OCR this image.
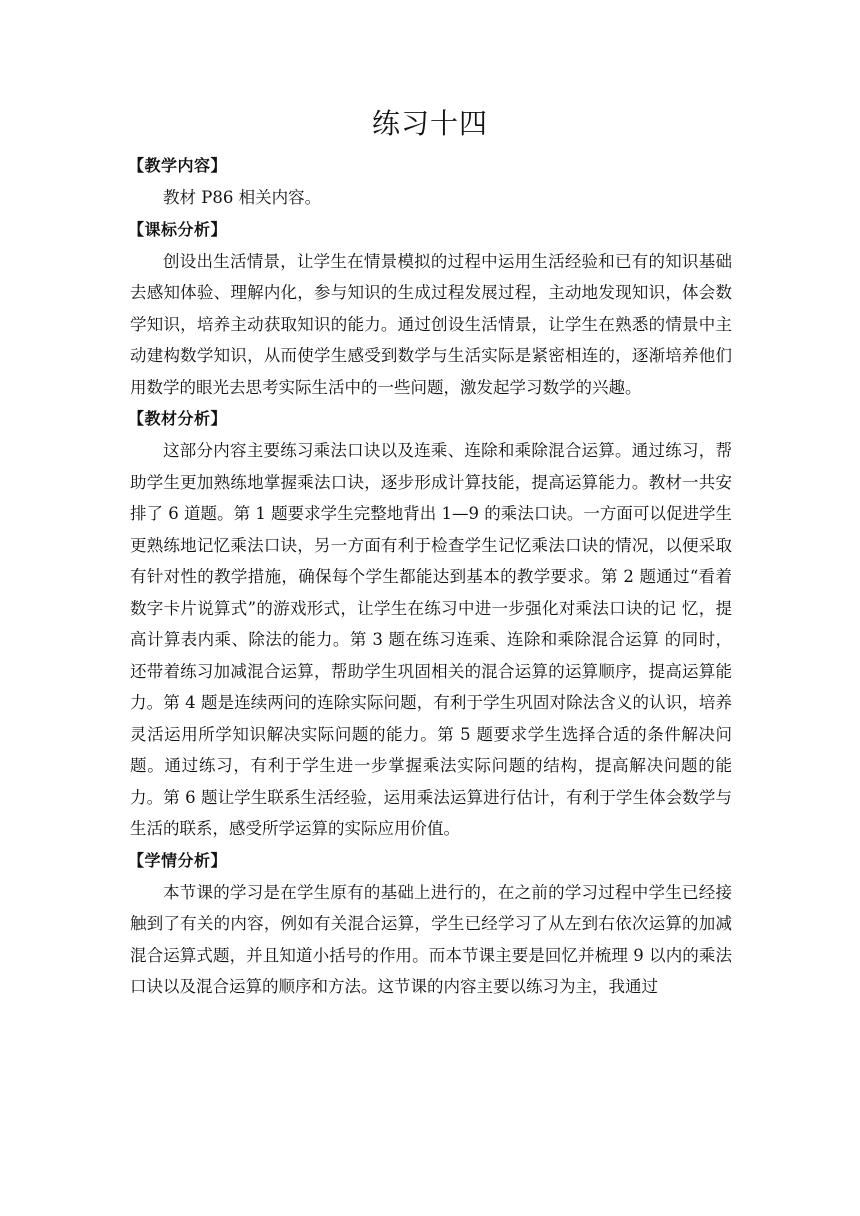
练习十四
【教学内容】

教材 P86 相关内容。

【课标分析】

创设出生活情景，让学生在情景模拟的过程中运用生活经验和已有的知识基础去感知体验、理解内化，参与知识的生成过程发展过程，主动地发现知识，体会数学知识，培养主动获取知识的能力。通过创设生活情景，让学生在熟悉的情景中主动建构数学知识，从而使学生感受到数学与生活实际是紧密相连的，逐渐培养他们用数学的眼光去思考实际生活中的一些问题，激发起学习数学的兴趣。

【教材分析】

这部分内容主要练习乘法口诀以及连乘、连除和乘除混合运算。通过练习，帮助学生更加熟练地掌握乘法口诀，逐步形成计算技能，提高运算能力。教材一共安排了 6 道题。第 1 题要求学生完整地背出 1—9 的乘法口诀。一方面可以促进学生更熟练地记忆乘法口诀，另一方面有利于检查学生记忆乘法口诀的情况，以便采取有针对性的教学措施，确保每个学生都能达到基本的教学要求。第 2 题通过“看着数字卡片说算式”的游戏形式，让学生在练习中进一步强化对乘法口诀的记 忆，提高计算表内乘、除法的能力。第 3 题在练习连乘、连除和乘除混合运算 的同时，还带着练习加减混合运算，帮助学生巩固相关的混合运算的运算顺序，提高运算能力。第 4 题是连续两问的连除实际问题，有利于学生巩固对除法含义的认识，培养灵活运用所学知识解决实际问题的能力。第 5 题要求学生选择合适的条件解决问题。通过练习，有利于学生进一步掌握乘法实际问题的结构，提高解决问题的能力。第 6 题让学生联系生活经验，运用乘法运算进行估计，有利于学生体会数学与生活的联系，感受所学运算的实际应用价值。

【学情分析】

本节课的学习是在学生原有的基础上进行的，在之前的学习过程中学生已经接触到了有关的内容，例如有关混合运算，学生已经学习了从左到右依次运算的加减混合运算式题，并且知道小括号的作用。而本节课主要是回忆并梳理 9 以内的乘法口诀以及混合运算的顺序和方法。这节课的内容主要以练习为主，我通过
